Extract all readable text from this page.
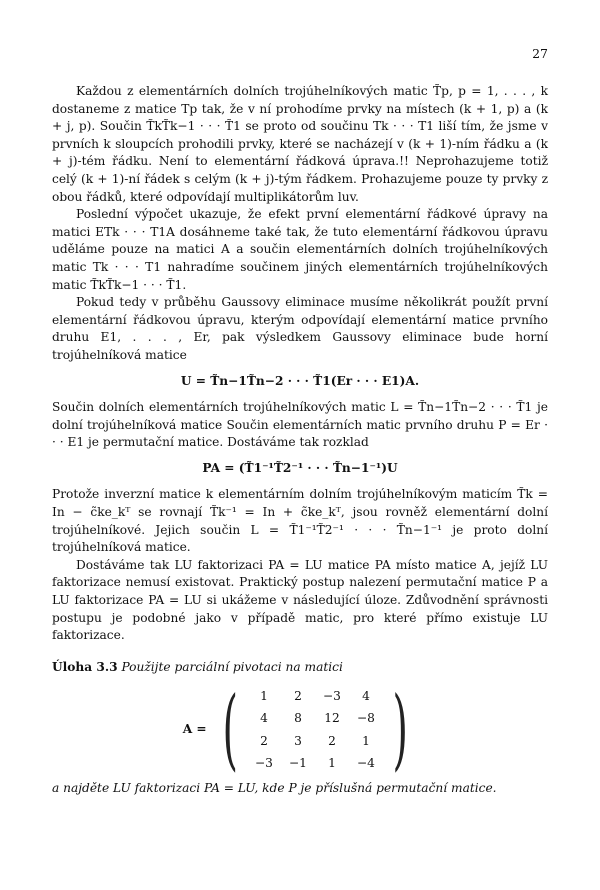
27

Každou z elementárních dolních trojúhelníkových matic T̃p, p = 1, . . . , k dostaneme z matice Tp tak, že v ní prohodíme prvky na místech (k + 1, p) a (k + j, p). Součin T̃kT̃k−1 · · · T̃1 se proto od součinu Tk · · · T1 liší tím, že jsme v prvních k sloupcích prohodili prvky, které se nacházejí v (k + 1)-ním řádku a (k + j)-tém řádku. Není to elementární řádková úprava.!! Neprohazujeme totiž celý (k + 1)-ní řádek s celým (k + j)-tým řádkem. Prohazujeme pouze ty prvky z obou řádků, které odpovídají multiplikátorům luv.

Poslední výpočet ukazuje, že efekt první elementární řádkové úpravy na matici ETk · · · T1A dosáhneme také tak, že tuto elementární řádkovou úpravu uděláme pouze na matici A a součin elementárních dolních trojúhelníkových matic Tk · · · T1 nahradíme součinem jiných elementárních trojúhelníkových matic T̃kT̃k−1 · · · T̃1.

Pokud tedy v průběhu Gaussovy eliminace musíme několikrát použít první elementární řádkovou úpravu, kterým odpovídají elementární matice prvního druhu E1, . . . , Er, pak výsledkem Gaussovy eliminace bude horní trojúhelníková matice

U = T̃n−1T̃n−2 · · · T̃1(Er · · · E1)A.

Součin dolních elementárních trojúhelníkových matic L = T̃n−1T̃n−2 · · · T̃1 je dolní trojúhelníková matice Součin elementárních matic prvního druhu P = Er · · · E1 je permutační matice. Dostáváme tak rozklad

PA = (T̃1⁻¹T̃2⁻¹ · · · T̃n−1⁻¹)U

Protože inverzní matice k elementárním dolním trojúhelníkovým maticím T̃k = In − c̃ke_kᵀ se rovnají T̃k⁻¹ = In + c̃ke_kᵀ, jsou rovněž elementární dolní trojúhelníkové. Jejich součin L = T̃1⁻¹T̃2⁻¹ · · · T̃n−1⁻¹ je proto dolní trojúhelníková matice.

Dostáváme tak LU faktorizaci PA = LU matice PA místo matice A, jejíž LU faktorizace nemusí existovat. Praktický postup nalezení permutační matice P a LU faktorizace PA = LU si ukážeme v následující úloze. Zdůvodnění správnosti postupu je podobné jako v případě matic, pro které přímo existuje LU faktorizace.

Úloha 3.3 Použijte parciální pivotaci na matici
A = ( 1	2	−3	4
4	8	12	−8
2	3	2	1
−3	−1	1	−4 )

a najděte LU faktorizaci PA = LU, kde P je příslušná permutační matice.
